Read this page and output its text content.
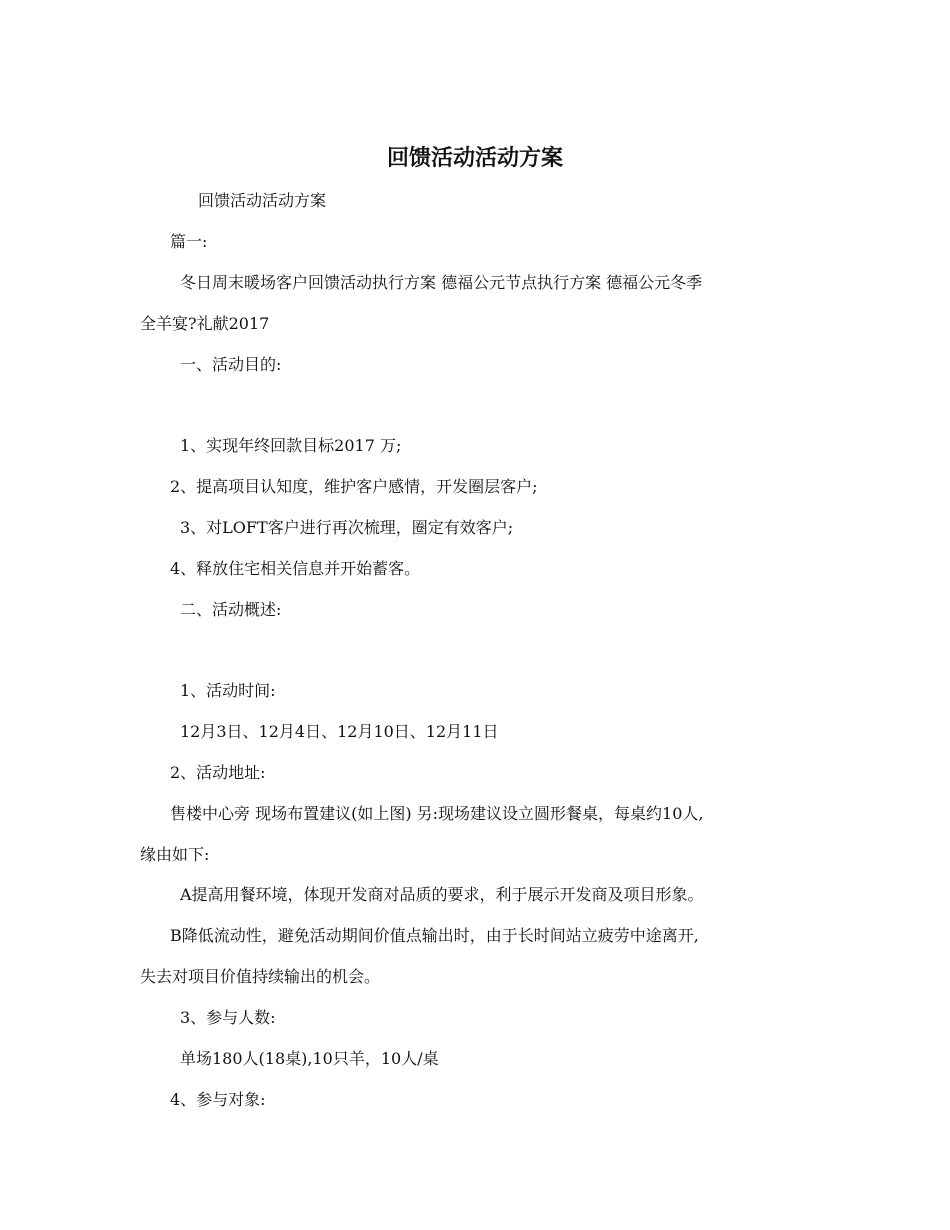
回馈活动活动方案
回馈活动活动方案
篇一:
冬日周末暖场客户回馈活动执行方案 德福公元节点执行方案 德福公元冬季
全羊宴?礼献2017
一、活动目的:
1、实现年终回款目标2017 万;
2、提高项目认知度，维护客户感情，开发圈层客户;
3、对LOFT客户进行再次梳理，圈定有效客户;
4、释放住宅相关信息并开始蓄客。
二、活动概述:
1、活动时间:
12月3日、12月4日、12月10日、12月11日
2、活动地址:
售楼中心旁 现场布置建议(如上图) 另:现场建议设立圆形餐桌，每桌约10人,
缘由如下:
A提高用餐环境，体现开发商对品质的要求，利于展示开发商及项目形象。
B降低流动性，避免活动期间价值点输出时，由于长时间站立疲劳中途离开,
失去对项目价值持续输出的机会。
3、参与人数:
单场180人(18桌),10只羊，10人/桌
4、参与对象:
